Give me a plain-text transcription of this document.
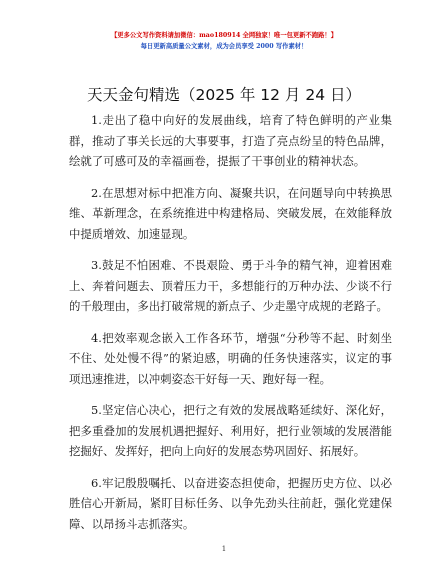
【更多公文写作资料请加微信：mao180914 全网独家！唯一包更新不跑路！】
每日更新高质量公文素材，成为会员享受 2000 写作素材！
天天金句精选（2025 年 12 月 24 日）

1.走出了稳中向好的发展曲线，培育了特色鲜明的产业集群，推动了事关长远的大事要事，打造了亮点纷呈的特色品牌，绘就了可感可及的幸福画卷，提振了干事创业的精神状态。

2.在思想对标中把准方向、凝聚共识，在问题导向中转换思维、革新理念，在系统推进中构建格局、突破发展，在效能释放中提质增效、加速显现。

3.鼓足不怕困难、不畏艰险、勇于斗争的精气神，迎着困难上、奔着问题去、顶着压力干，多想能行的万种办法、少谈不行的千般理由，多出打破常规的新点子、少走墨守成规的老路子。

4.把效率观念嵌入工作各环节，增强“分秒等不起、时刻坐不住、处处慢不得”的紧迫感，明确的任务快速落实，议定的事项迅速推进，以冲刺姿态干好每一天、跑好每一程。

5.坚定信心决心，把行之有效的发展战略延续好、深化好，把多重叠加的发展机遇把握好、利用好，把行业领域的发展潜能挖掘好、发挥好，把向上向好的发展态势巩固好、拓展好。

6.牢记殷殷嘱托、以奋进姿态担使命，把握历史方位、以必胜信心开新局，紧盯目标任务、以争先劲头往前赶，强化党建保障、以昂扬斗志抓落实。

1
